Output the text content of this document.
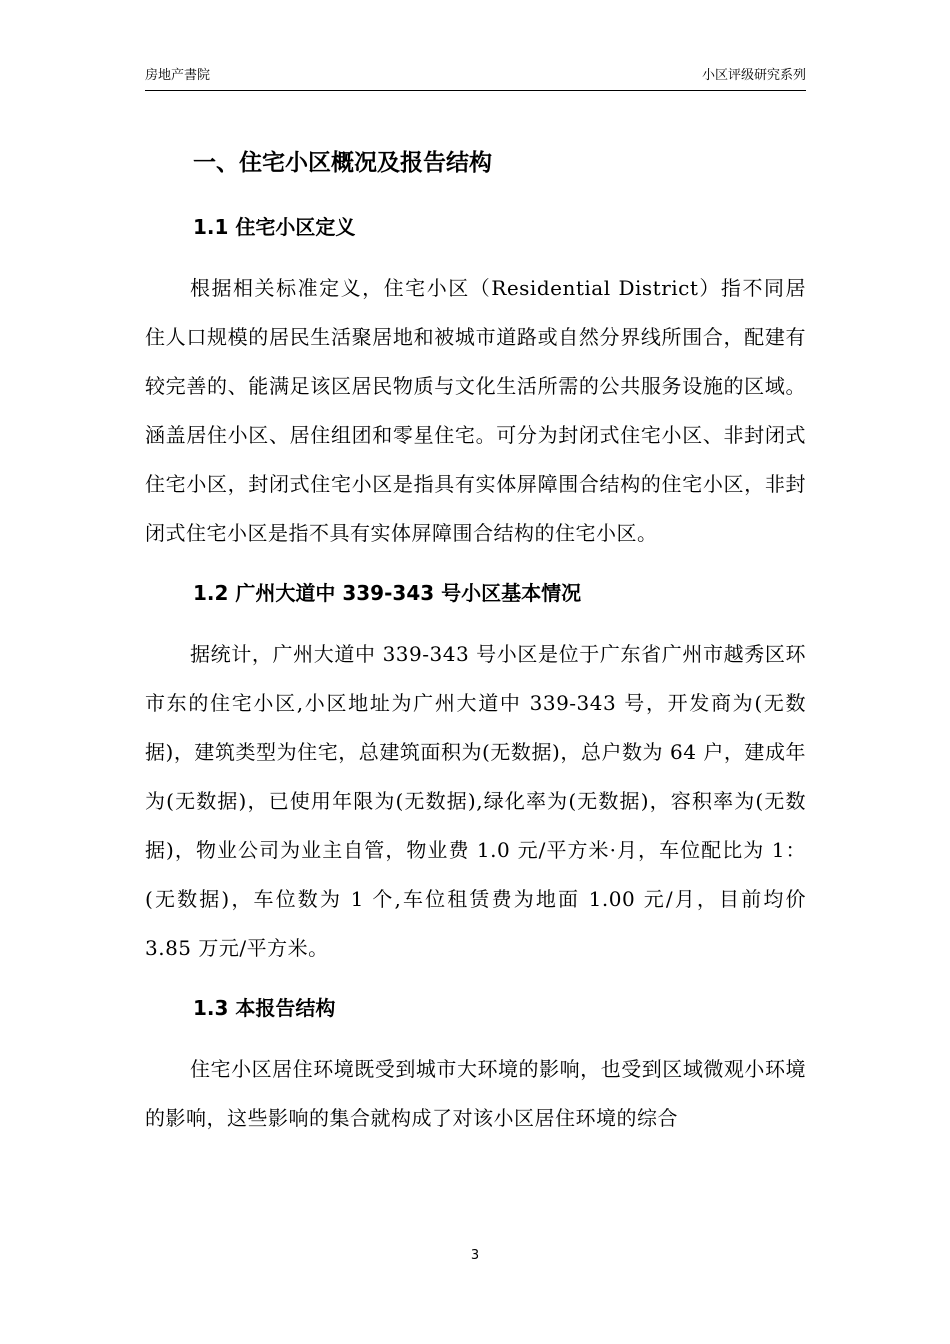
房地产書院	小区评级研究系列
一、住宅小区概况及报告结构
1.1 住宅小区定义

根据相关标准定义，住宅小区（Residential District）指不同居住人口规模的居民生活聚居地和被城市道路或自然分界线所围合，配建有较完善的、能满足该区居民物质与文化生活所需的公共服务设施的区域。涵盖居住小区、居住组团和零星住宅。可分为封闭式住宅小区、非封闭式住宅小区，封闭式住宅小区是指具有实体屏障围合结构的住宅小区，非封闭式住宅小区是指不具有实体屏障围合结构的住宅小区。

1.2 广州大道中 339-343 号小区基本情况

据统计，广州大道中 339-343 号小区是位于广东省广州市越秀区环市东的住宅小区,小区地址为广州大道中 339-343 号，开发商为(无数据)，建筑类型为住宅，总建筑面积为(无数据)，总户数为 64 户，建成年为(无数据)，已使用年限为(无数据),绿化率为(无数据)，容积率为(无数据)，物业公司为业主自管，物业费 1.0 元/平方米·月，车位配比为 1：(无数据)，车位数为 1 个,车位租赁费为地面 1.00 元/月，目前均价 3.85 万元/平方米。

1.3 本报告结构

住宅小区居住环境既受到城市大环境的影响，也受到区域微观小环境的影响，这些影响的集合就构成了对该小区居住环境的综合

3
